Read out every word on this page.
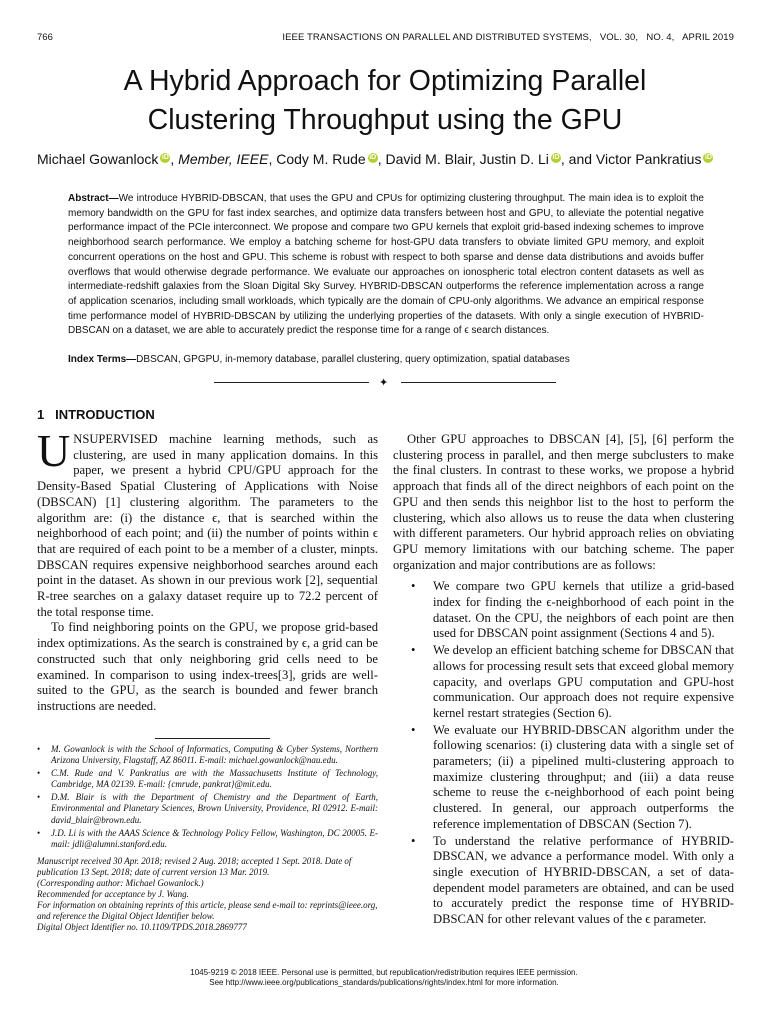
766	IEEE TRANSACTIONS ON PARALLEL AND DISTRIBUTED SYSTEMS,   VOL. 30,   NO. 4,   APRIL 2019
A Hybrid Approach for Optimizing Parallel
Clustering Throughput using the GPU
Michael Gowanlock iD , Member, IEEE, Cody M. Rude iD , David M. Blair, Justin D. Li iD , and Victor Pankratius iD
Abstract—We introduce HYBRID-DBSCAN, that uses the GPU and CPUs for optimizing clustering throughput. The main idea is to exploit the memory bandwidth on the GPU for fast index searches, and optimize data transfers between host and GPU, to alleviate the potential negative performance impact of the PCIe interconnect. We propose and compare two GPU kernels that exploit grid-based indexing schemes to improve neighborhood search performance. We employ a batching scheme for host-GPU data transfers to obviate limited GPU memory, and exploit concurrent operations on the host and GPU. This scheme is robust with respect to both sparse and dense data distributions and avoids buffer overflows that would otherwise degrade performance. We evaluate our approaches on ionospheric total electron content datasets as well as intermediate-redshift galaxies from the Sloan Digital Sky Survey. HYBRID-DBSCAN outperforms the reference implementation across a range of application scenarios, including small workloads, which typically are the domain of CPU-only algorithms. We advance an empirical response time performance model of HYBRID-DBSCAN by utilizing the underlying properties of the datasets. With only a single execution of HYBRID-DBSCAN on a dataset, we are able to accurately predict the response time for a range of ϵ search distances.
Index Terms—DBSCAN, GPGPU, in-memory database, parallel clustering, query optimization, spatial databases
✦
1 INTRODUCTION

UNSUPERVISED machine learning methods, such as clustering, are used in many application domains. In this paper, we present a hybrid CPU/GPU approach for the Density-Based Spatial Clustering of Applications with Noise (DBSCAN) [1] clustering algorithm. The parameters to the algorithm are: (i) the distance ϵ, that is searched within the neighborhood of each point; and (ii) the number of points within ϵ that are required of each point to be a member of a cluster, minpts. DBSCAN requires expensive neighborhood searches around each point in the dataset. As shown in our previous work [2], sequential R-tree searches on a galaxy dataset require up to 72.2 percent of the total response time.

To find neighboring points on the GPU, we propose grid-based index optimizations. As the search is constrained by ϵ, a grid can be constructed such that only neighboring grid cells need to be examined. In comparison to using index-trees[3], grids are well-suited to the GPU, as the search is bounded and fewer branch instructions are needed.

• M. Gowanlock is with the School of Informatics, Computing & Cyber Systems, Northern Arizona University, Flagstaff, AZ 86011. E-mail: michael.gowanlock@nau.edu.
• C.M. Rude and V. Pankratius are with the Massachusetts Institute of Technology, Cambridge, MA 02139. E-mail: {cmrude, pankrat}@mit.edu.
• D.M. Blair is with the Department of Chemistry and the Department of Earth, Environmental and Planetary Sciences, Brown University, Providence, RI 02912. E-mail: david_blair@brown.edu.
• J.D. Li is with the AAAS Science & Technology Policy Fellow, Washington, DC 20005. E-mail: jdli@alumni.stanford.edu.
Manuscript received 30 Apr. 2018; revised 2 Aug. 2018; accepted 1 Sept. 2018. Date of publication 13 Sept. 2018; date of current version 13 Mar. 2019.
(Corresponding author: Michael Gowanlock.)
Recommended for acceptance by J. Wang.
For information on obtaining reprints of this article, please send e-mail to: reprints@ieee.org, and reference the Digital Object Identifier below.
Digital Object Identifier no. 10.1109/TPDS.2018.2869777

Other GPU approaches to DBSCAN [4], [5], [6] perform the clustering process in parallel, and then merge subclusters to make the final clusters. In contrast to these works, we propose a hybrid approach that finds all of the direct neighbors of each point on the GPU and then sends this neighbor list to the host to perform the clustering, which also allows us to reuse the data when clustering with different parameters. Our hybrid approach relies on obviating GPU memory limitations with our batching scheme. The paper organization and major contributions are as follows:

• We compare two GPU kernels that utilize a grid-based index for finding the ϵ-neighborhood of each point in the dataset. On the CPU, the neighbors of each point are then used for DBSCAN point assignment (Sections 4 and 5).
• We develop an efficient batching scheme for DBSCAN that allows for processing result sets that exceed global memory capacity, and overlaps GPU computation and GPU-host communication. Our approach does not require expensive kernel restart strategies (Section 6).
• We evaluate our HYBRID-DBSCAN algorithm under the following scenarios: (i) clustering data with a single set of parameters; (ii) a pipelined multi-clustering approach to maximize clustering throughput; and (iii) a data reuse scheme to reuse the ϵ-neighborhood of each point being clustered. In general, our approach outperforms the reference implementation of DBSCAN (Section 7).
• To understand the relative performance of HYBRID-DBSCAN, we advance a performance model. With only a single execution of HYBRID-DBSCAN, a set of data-dependent model parameters are obtained, and can be used to accurately predict the response time of HYBRID-DBSCAN for other relevant values of the ϵ parameter.
1045-9219 © 2018 IEEE. Personal use is permitted, but republication/redistribution requires IEEE permission.
See http://www.ieee.org/publications_standards/publications/rights/index.html for more information.
